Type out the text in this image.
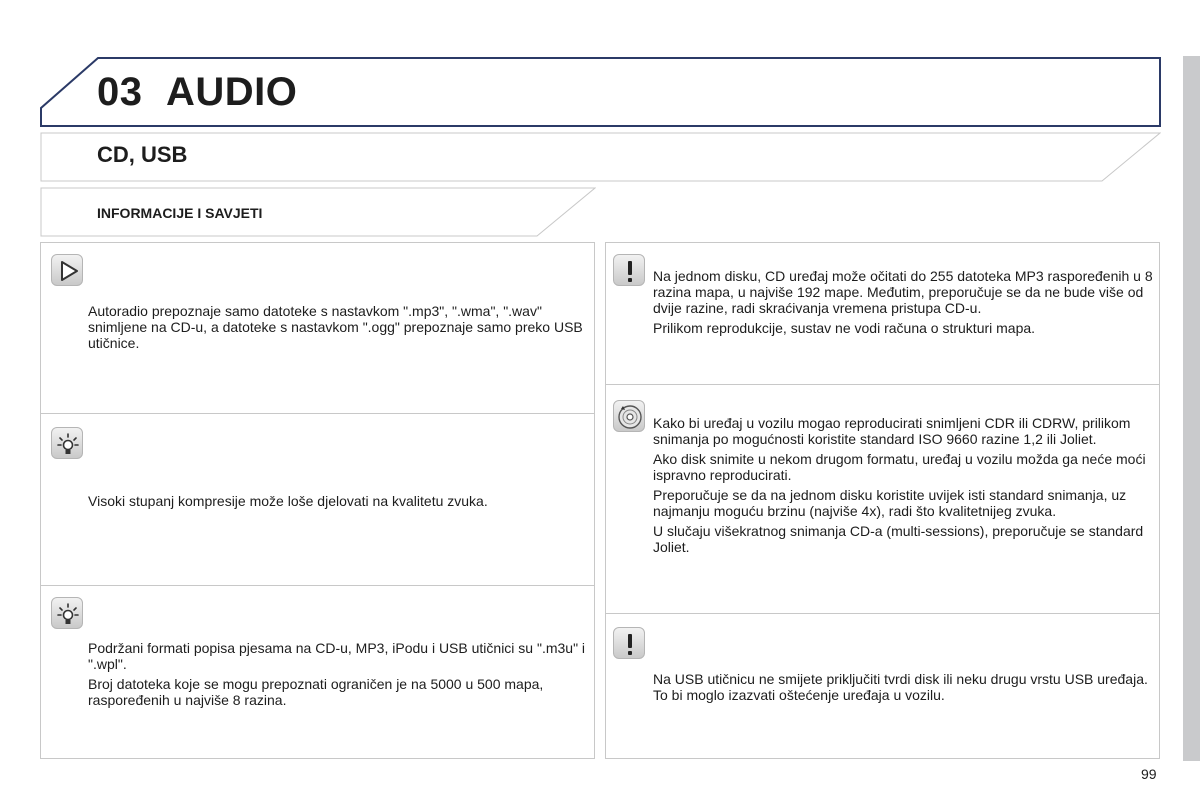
03 AUDIO
CD, USB
INFORMACIJE I SAVJETI

Autoradio prepoznaje samo datoteke s nastavkom ".mp3", ".wma", ".wav" snimljene na CD-u, a datoteke s nastavkom ".ogg" prepoznaje samo preko USB utičnice.

Visoki stupanj kompresije može loše djelovati na kvalitetu zvuka.

Podržani formati popisa pjesama na CD-u, MP3, iPodu i USB utičnici su ".m3u" i ".wpl".

Broj datoteka koje se mogu prepoznati ograničen je na 5000 u 500 mapa, raspoređenih u najviše 8 razina.

Na jednom disku, CD uređaj može očitati do 255 datoteka MP3 raspoređenih u 8 razina mapa, u najviše 192 mape. Međutim, preporučuje se da ne bude više od dvije razine, radi skraćivanja vremena pristupa CD-u.

Prilikom reprodukcije, sustav ne vodi računa o strukturi mapa.

Kako bi uređaj u vozilu mogao reproducirati snimljeni CDR ili CDRW, prilikom snimanja po mogućnosti koristite standard ISO 9660 razine 1,2 ili Joliet.

Ako disk snimite u nekom drugom formatu, uređaj u vozilu možda ga neće moći ispravno reproducirati.

Preporučuje se da na jednom disku koristite uvijek isti standard snimanja, uz najmanju moguću brzinu (najviše 4x), radi što kvalitetnijeg zvuka.

U slučaju višekratnog snimanja CD-a (multi-sessions), preporučuje se standard Joliet.

Na USB utičnicu ne smijete priključiti tvrdi disk ili neku drugu vrstu USB uređaja. To bi moglo izazvati oštećenje uređaja u vozilu.

99
